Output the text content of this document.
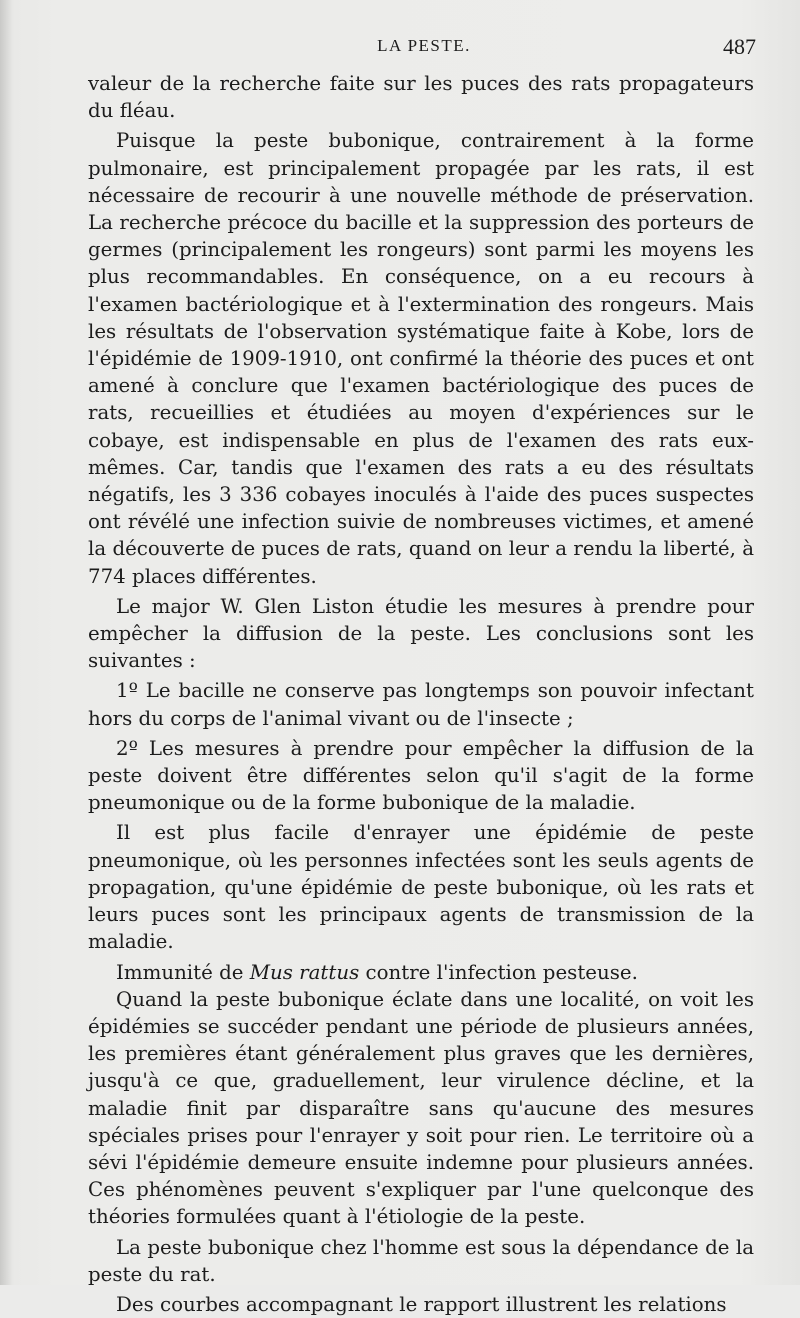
LA PESTE.	487

valeur de la recherche faite sur les puces des rats propagateurs du fléau.

Puisque la peste bubonique, contrairement à la forme pulmonaire, est principalement propagée par les rats, il est nécessaire de recourir à une nouvelle méthode de préservation. La recherche précoce du bacille et la suppression des porteurs de germes (principalement les rongeurs) sont parmi les moyens les plus recommandables. En conséquence, on a eu recours à l'examen bactériologique et à l'extermination des rongeurs. Mais les résultats de l'observation systématique faite à Kobe, lors de l'épidémie de 1909-1910, ont confirmé la théorie des puces et ont amené à conclure que l'examen bactériologique des puces de rats, recueillies et étudiées au moyen d'expériences sur le cobaye, est indispensable en plus de l'examen des rats eux-mêmes. Car, tandis que l'examen des rats a eu des résultats négatifs, les 3 336 cobayes inoculés à l'aide des puces suspectes ont révélé une infection suivie de nombreuses victimes, et amené la découverte de puces de rats, quand on leur a rendu la liberté, à 774 places différentes.

Le major W. Glen Liston étudie les mesures à prendre pour empêcher la diffusion de la peste. Les conclusions sont les suivantes :

1º Le bacille ne conserve pas longtemps son pouvoir infectant hors du corps de l'animal vivant ou de l'insecte ;

2º Les mesures à prendre pour empêcher la diffusion de la peste doivent être différentes selon qu'il s'agit de la forme pneumonique ou de la forme bubonique de la maladie.

Il est plus facile d'enrayer une épidémie de peste pneumonique, où les personnes infectées sont les seuls agents de propagation, qu'une épidémie de peste bubonique, où les rats et leurs puces sont les principaux agents de transmission de la maladie.

Immunité de Mus rattus contre l'infection pesteuse.

Quand la peste bubonique éclate dans une localité, on voit les épidémies se succéder pendant une période de plusieurs années, les premières étant généralement plus graves que les dernières, jusqu'à ce que, graduellement, leur virulence décline, et la maladie finit par disparaître sans qu'aucune des mesures spéciales prises pour l'enrayer y soit pour rien. Le territoire où a sévi l'épidémie demeure ensuite indemne pour plusieurs années. Ces phénomènes peuvent s'expliquer par l'une quelconque des théories formulées quant à l'étiologie de la peste.

La peste bubonique chez l'homme est sous la dépendance de la peste du rat.

Des courbes accompagnant le rapport illustrent les relations
